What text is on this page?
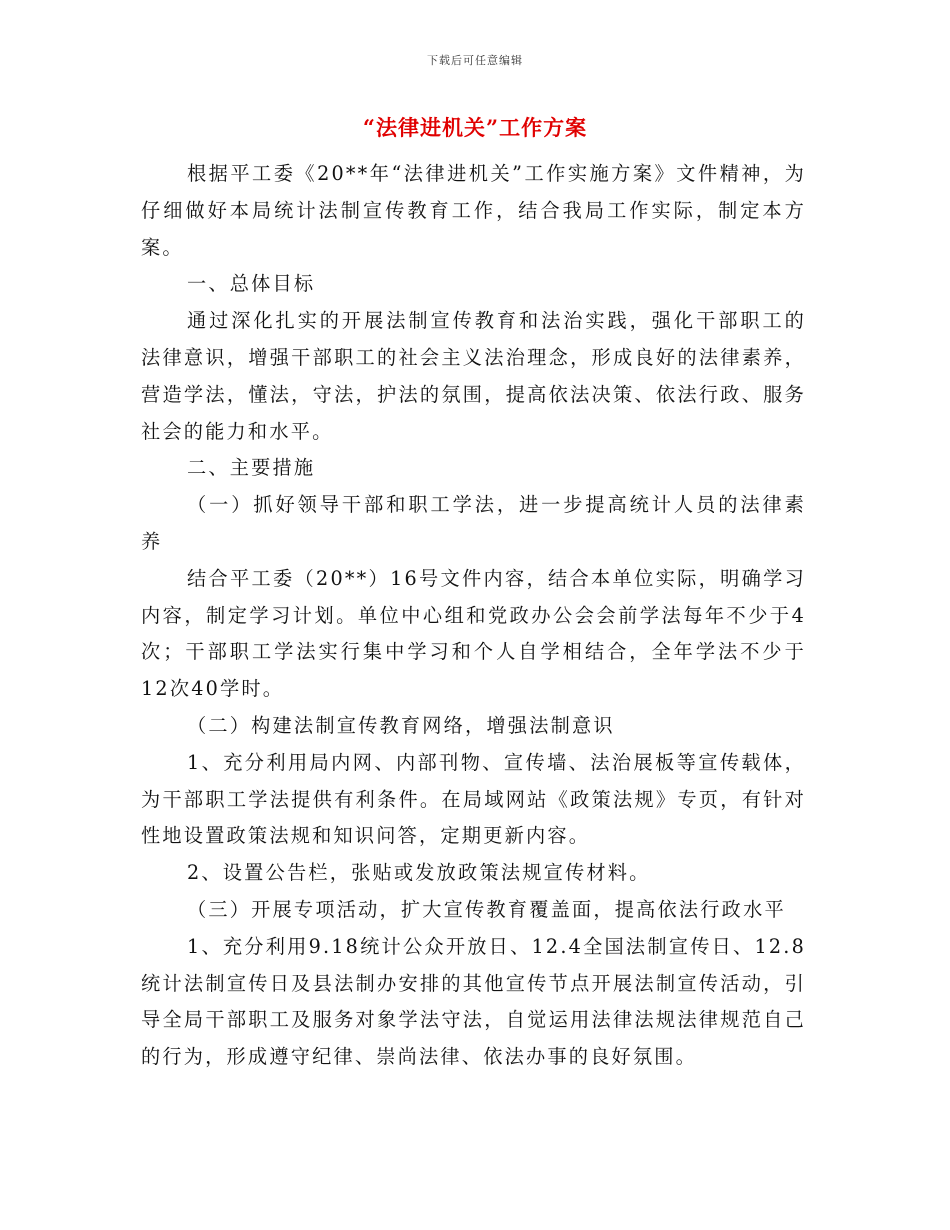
下载后可任意编辑
“法律进机关”工作方案

根据平工委《20**年“法律进机关”工作实施方案》文件精神，为仔细做好本局统计法制宣传教育工作，结合我局工作实际，制定本方案。

一、总体目标

通过深化扎实的开展法制宣传教育和法治实践，强化干部职工的法律意识，增强干部职工的社会主义法治理念，形成良好的法律素养，营造学法，懂法，守法，护法的氛围，提高依法决策、依法行政、服务社会的能力和水平。

二、主要措施

（一）抓好领导干部和职工学法，进一步提高统计人员的法律素养

结合平工委（20**）16号文件内容，结合本单位实际，明确学习内容，制定学习计划。单位中心组和党政办公会会前学法每年不少于4次；干部职工学法实行集中学习和个人自学相结合，全年学法不少于12次40学时。

（二）构建法制宣传教育网络，增强法制意识

1、充分利用局内网、内部刊物、宣传墙、法治展板等宣传载体，为干部职工学法提供有利条件。在局域网站《政策法规》专页，有针对性地设置政策法规和知识问答，定期更新内容。

2、设置公告栏，张贴或发放政策法规宣传材料。

（三）开展专项活动，扩大宣传教育覆盖面，提高依法行政水平

1、充分利用9.18统计公众开放日、12.4全国法制宣传日、12.8统计法制宣传日及县法制办安排的其他宣传节点开展法制宣传活动，引导全局干部职工及服务对象学法守法，自觉运用法律法规法律规范自己的行为，形成遵守纪律、崇尚法律、依法办事的良好氛围。
